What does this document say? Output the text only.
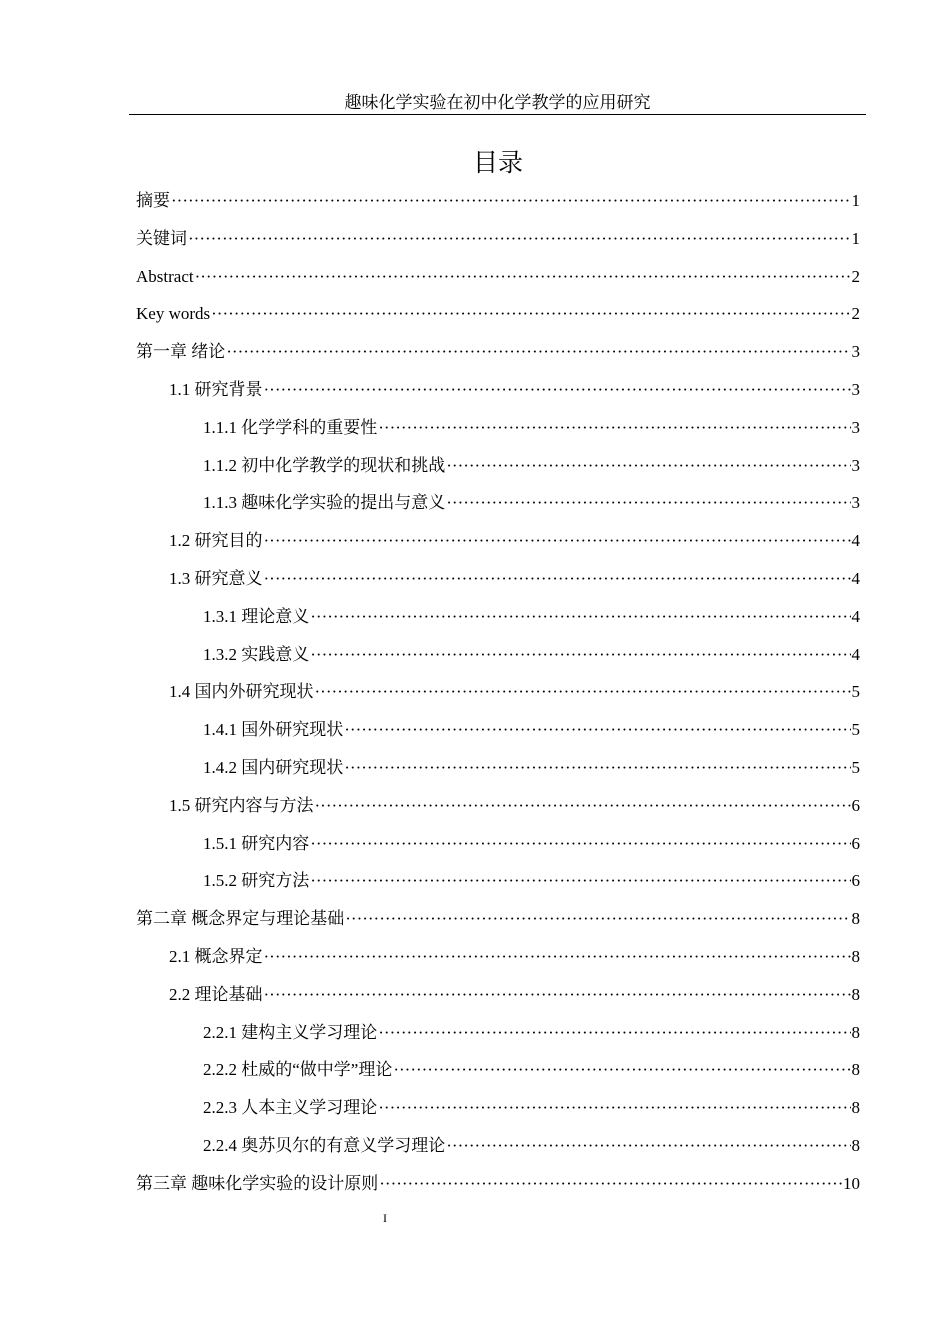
趣味化学实验在初中化学教学的应用研究
目录
摘要 ·····	1
关键词 ·····	1
Abstract ·····	2
Key words ·····	2
第一章 绪论 ·····	3
1.1 研究背景 ·····	3
1.1.1 化学学科的重要性 ·····	3
1.1.2 初中化学教学的现状和挑战 ·····	3
1.1.3 趣味化学实验的提出与意义 ·····	3
1.2 研究目的 ·····	4
1.3 研究意义 ·····	4
1.3.1 理论意义 ·····	4
1.3.2 实践意义 ·····	4
1.4 国内外研究现状 ·····	5
1.4.1 国外研究现状 ·····	5
1.4.2 国内研究现状 ·····	5
1.5 研究内容与方法 ·····	6
1.5.1 研究内容 ·····	6
1.5.2 研究方法 ·····	6
第二章 概念界定与理论基础 ·····	8
2.1 概念界定 ·····	8
2.2 理论基础 ·····	8
2.2.1 建构主义学习理论 ·····	8
2.2.2 杜威的“做中学”理论 ·····	8
2.2.3 人本主义学习理论 ·····	8
2.2.4 奥苏贝尔的有意义学习理论 ·····	8
第三章 趣味化学实验的设计原则 ·····	10
I
